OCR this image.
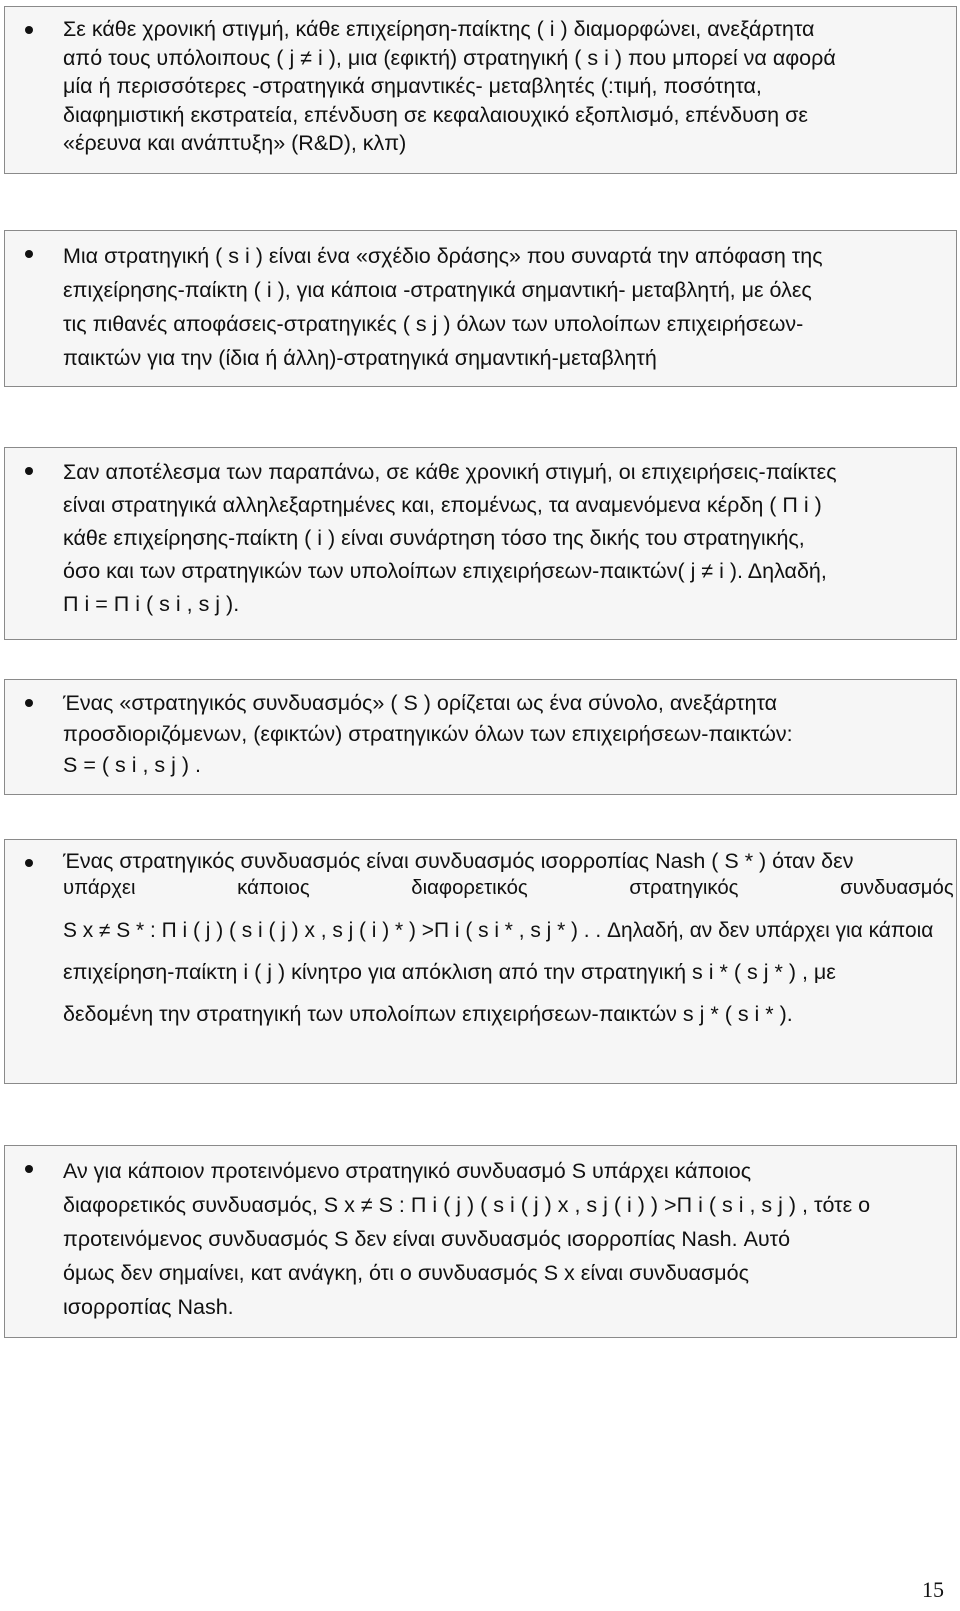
Σε κάθε χρονική στιγμή, κάθε επιχείρηση-παίκτης ( i ) διαμορφώνει, ανεξάρτητα
από τους υπόλοιπους ( j ≠ i ), μια (εφικτή) στρατηγική ( s i ) που μπορεί να αφορά
μία ή περισσότερες -στρατηγικά σημαντικές- μεταβλητές (:τιμή, ποσότητα,
διαφημιστική εκστρατεία, επένδυση σε κεφαλαιουχικό εξοπλισμό, επένδυση σε
«έρευνα και ανάπτυξη» (R&D), κλπ)
Μια στρατηγική ( s i ) είναι ένα «σχέδιο δράσης» που συναρτά την απόφαση της
επιχείρησης-παίκτη ( i ), για κάποια -στρατηγικά σημαντική- μεταβλητή, με όλες
τις πιθανές αποφάσεις-στρατηγικές ( s j ) όλων των υπολοίπων επιχειρήσεων-
παικτών για την (ίδια ή άλλη)-στρατηγικά σημαντική-μεταβλητή
Σαν αποτέλεσμα των παραπάνω, σε κάθε χρονική στιγμή, οι επιχειρήσεις-παίκτες
είναι στρατηγικά αλληλεξαρτημένες και, επομένως, τα αναμενόμενα κέρδη ( Π i )
κάθε επιχείρησης-παίκτη ( i ) είναι συνάρτηση τόσο της δικής του στρατηγικής,
όσο και των στρατηγικών των υπολοίπων επιχειρήσεων-παικτών( j ≠ i ). Δηλαδή,
Π i = Π i ( s i , s j ).
Ένας «στρατηγικός συνδυασμός» ( S ) ορίζεται ως ένα σύνολο, ανεξάρτητα
προσδιοριζόμενων, (εφικτών) στρατηγικών όλων των επιχειρήσεων-παικτών:
S = ( s i , s j ) .
Ένας στρατηγικός συνδυασμός είναι συνδυασμός ισορροπίας Nash ( S * ) όταν δεν
υπάρχει κάποιος διαφορετικός στρατηγικός συνδυασμός
S x ≠ S * : Π i ( j ) ( s i ( j ) x , s j ( i ) * ) >Π i ( s i * , s j * ) . . Δηλαδή, αν δεν υπάρχει για κάποια
επιχείρηση-παίκτη i ( j ) κίνητρο για απόκλιση από την στρατηγική s i * ( s j * ) , με
δεδομένη την στρατηγική των υπολοίπων επιχειρήσεων-παικτών s j * ( s i * ).
Αν για κάποιον προτεινόμενο στρατηγικό συνδυασμό S υπάρχει κάποιος
διαφορετικός συνδυασμός, S x ≠ S : Π i ( j ) ( s i ( j ) x , s j ( i ) ) >Π i ( s i , s j ) , τότε ο
προτεινόμενος συνδυασμός S δεν είναι συνδυασμός ισορροπίας Nash. Αυτό
όμως δεν σημαίνει, κατ ανάγκη, ότι ο συνδυασμός S x είναι συνδυασμός
ισορροπίας Nash.
15
